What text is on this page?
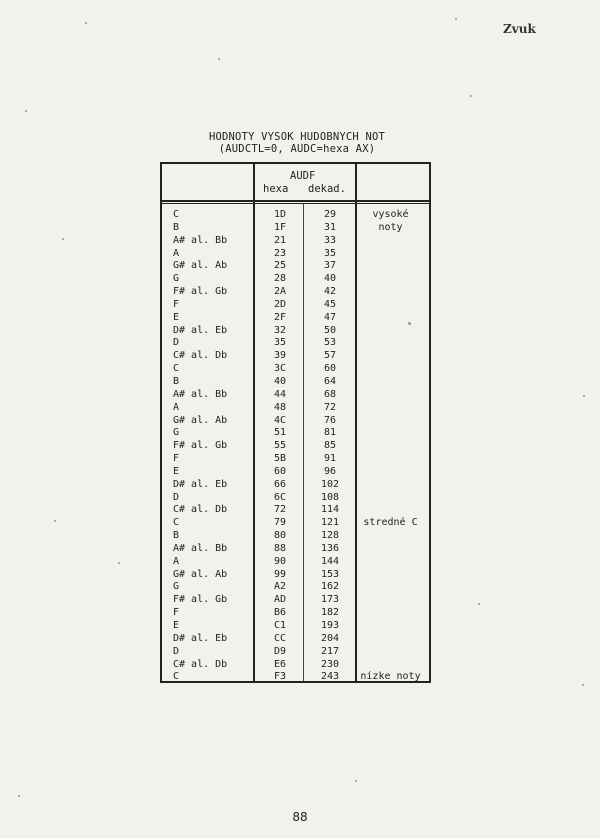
Zvuk
HODNOTY VYSOK HUDOBNYCH NOT
(AUDCTL=0, AUDC=hexa AX)
AUDF
hexa dekad.
C
B
A# al. Bb
A
G# al. Ab
G
F# al. Gb
F
E
D# al. Eb
D
C# al. Db
C
B
A# al. Bb
A
G# al. Ab
G
F# al. Gb
F
E
D# al. Eb
D
C# al. Db
C
B
A# al. Bb
A
G# al. Ab
G
F# al. Gb
F
E
D# al. Eb
D
C# al. Db
C
1D
1F
21
23
25
28
2A
2D
2F
32
35
39
3C
40
44
48
4C
51
55
5B
60
66
6C
72
79
80
88
90
99
A2
AD
B6
C1
CC
D9
E6
F3
29
31
33
35
37
40
42
45
47
50
53
57
60
64
68
72
76
81
85
91
96
102
108
114
121
128
136
144
153
162
173
182
193
204
217
230
243
vysoké
noty
stredné C
nízke noty
88
